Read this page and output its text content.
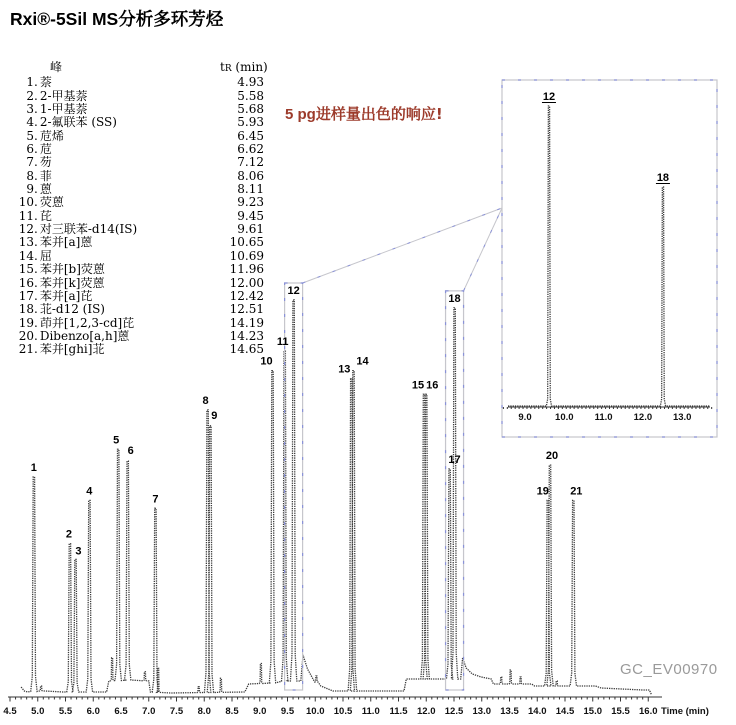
Rxi®-5Sil MS分析多环芳烃
峰	tR (min)
1 . 萘	4.93
2 . 2-甲基萘	5.58
3 . 1-甲基萘	5.68
4 . 2-氟联苯 (SS)	5.93
5 . 苊烯	6.45
6 . 苊	6.62
7 . 芴	7.12
8 . 菲	8.06
9 . 蒽	8.11
10 . 荧蒽	9.23
11 . 芘	9.45
12 . 对三联苯-d14(IS)	9.61
13 . 苯并[a]蒽	10.65
14 . 屈	10.69
15 . 苯并[b]荧蒽	11.96
16 . 苯并[k]荧蒽	12.00
17 . 苯并[a]芘	12.42
18 . 苝-d12 (IS)	12.51
19 . 茚并[1,2,3-cd]芘	14.19
20 . Dibenzo[a,h]蒽	14.23
21 . 苯并[ghi]苝	14.65
5 pg进样量出色的响应!
9.0 10.0 11.0 12.0 13.0
12
18
1
2
3
4
5
6
7
8
9
10
11
12
13
14
15 16
17
18
19
20
21
4.5 5.0 5.5 6.0 6.5 7.0 7.5 8.0 8.5 9.0 9.5 10.0 10.5 11.0 11.5 12.0 12.5 13.0 13.5 14.0 14.5 15.0 15.5 16.0 Time (min)
GC_EV00970
